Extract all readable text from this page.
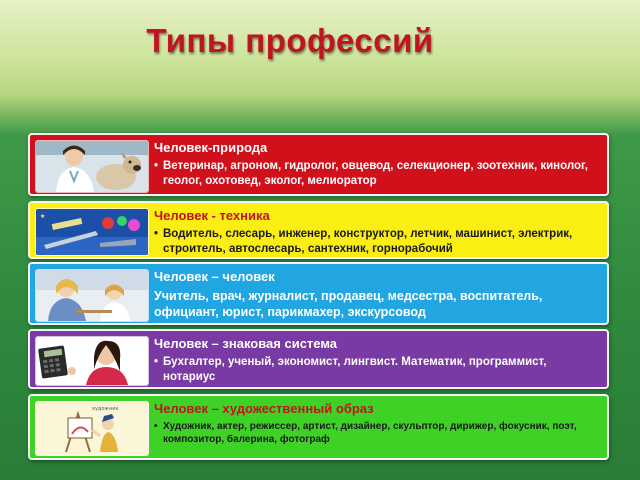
Типы профессий
Человек-природа
• Ветеринар, агроном, гидролог, овцевод, селекционер, зоотехник, кинолог, геолог, охотовед, эколог, мелиоратор
★	Человек - техника
• Водитель, слесарь, инженер, конструктор, летчик, машинист, электрик, строитель, автослесарь, сантехник, горнорабочий
Человек – человек
Учитель, врач, журналист, продавец, медсестра, воспитатель, официант, юрист, парикмахер, экскурсовод
Человек – знаковая система
• Бухгалтер, ученый, экономист, лингвист. Математик, программист, нотариус
художник	Человек – художественный образ
• Художник, актер, режиссер, артист, дизайнер, скульптор, дирижер, фокусник, поэт, композитор, балерина, фотограф
